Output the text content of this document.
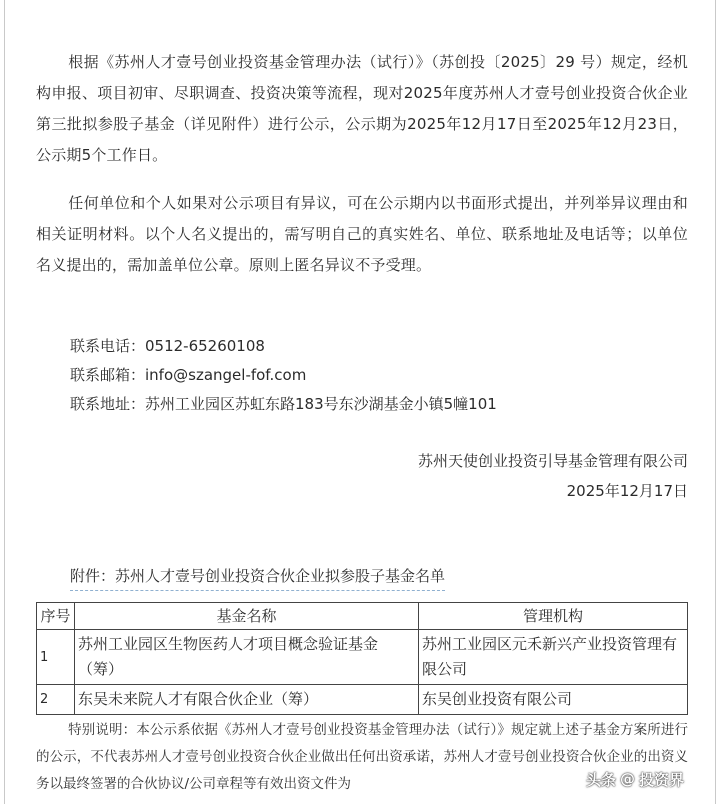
根据《苏州人才壹号创业投资基金管理办法（试行）》（苏创投〔2025〕29 号）规定，经机构申报、项目初审、尽职调查、投资决策等流程，现对2025年度苏州人才壹号创业投资合伙企业第三批拟参股子基金（详见附件）进行公示，公示期为2025年12月17日至2025年12月23日，公示期5个工作日。

任何单位和个人如果对公示项目有异议，可在公示期内以书面形式提出，并列举异议理由和相关证明材料。以个人名义提出的，需写明自己的真实姓名、单位、联系地址及电话等；以单位名义提出的，需加盖单位公章。原则上匿名异议不予受理。

联系电话：0512-65260108
联系邮箱：info@szangel-fof.com
联系地址：苏州工业园区苏虹东路183号东沙湖基金小镇5幢101
苏州天使创业投资引导基金管理有限公司
2025年12月17日
附件：苏州人才壹号创业投资合伙企业拟参股子基金名单
序号	基金名称	管理机构
1	苏州工业园区生物医药人才项目概念验证基金（筹）	苏州工业园区元禾新兴产业投资管理有限公司
2	东吴未来院人才有限合伙企业（筹）	东吴创业投资有限公司

特别说明：本公示系依据《苏州人才壹号创业投资基金管理办法（试行）》规定就上述子基金方案所进行的公示，不代表苏州人才壹号创业投资合伙企业做出任何出资承诺，苏州人才壹号创业投资合伙企业的出资义务以最终签署的合伙协议/公司章程等有效出资文件为	头条 @ 投资界
